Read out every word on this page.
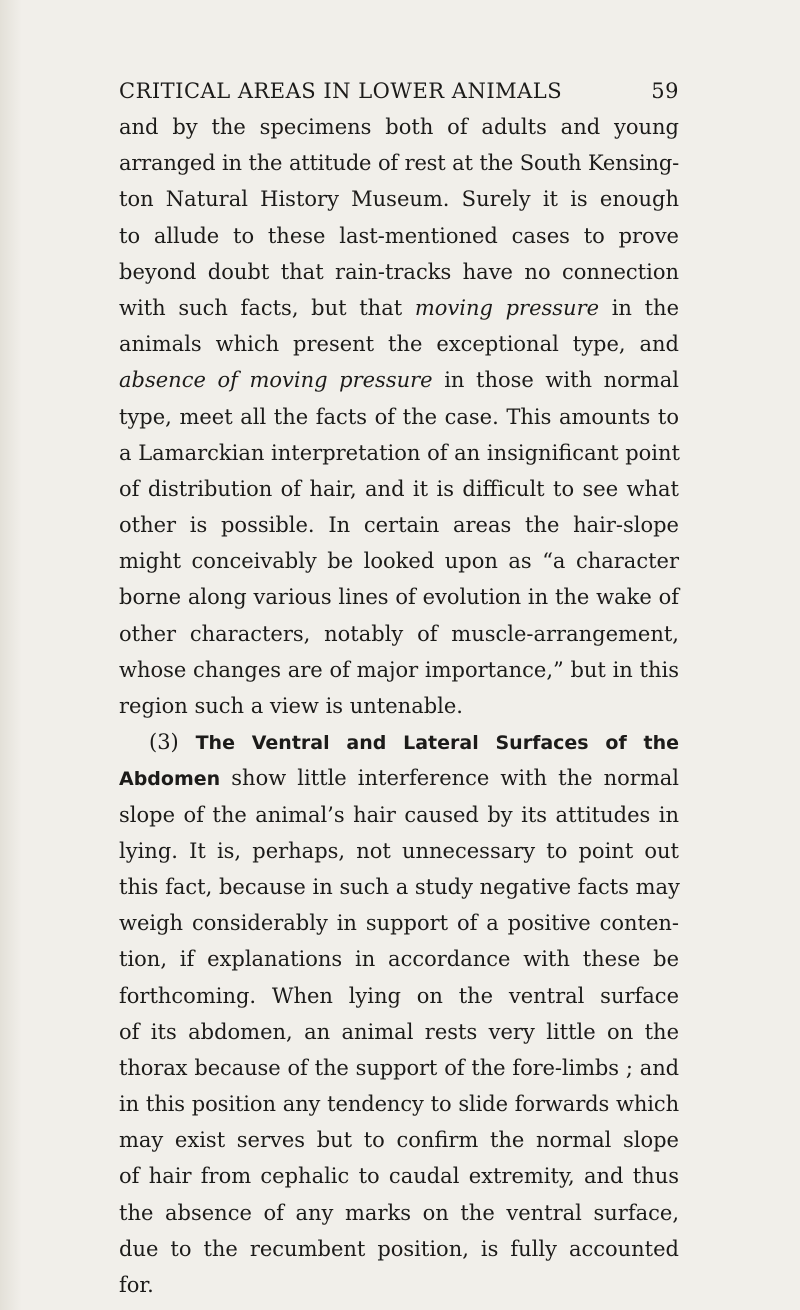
CRITICAL AREAS IN LOWER ANIMALS	59
and by the specimens both of adults and young
arranged in the attitude of rest at the South Kensing-
ton Natural History Museum. Surely it is enough
to allude to these last-mentioned cases to prove
beyond doubt that rain-tracks have no connection
with such facts, but that moving pressure in the
animals which present the exceptional type, and
absence of moving pressure in those with normal
type, meet all the facts of the case. This amounts to
a Lamarckian interpretation of an insignificant point
of distribution of hair, and it is difficult to see what
other is possible. In certain areas the hair-slope
might conceivably be looked upon as “a character
borne along various lines of evolution in the wake of
other characters, notably of muscle-arrangement,
whose changes are of major importance,” but in this
region such a view is untenable.
(3) The Ventral and Lateral Surfaces of the
Abdomen show little interference with the normal
slope of the animal’s hair caused by its attitudes in
lying. It is, perhaps, not unnecessary to point out
this fact, because in such a study negative facts may
weigh considerably in support of a positive conten-
tion, if explanations in accordance with these be
forthcoming. When lying on the ventral surface
of its abdomen, an animal rests very little on the
thorax because of the support of the fore-limbs ; and
in this position any tendency to slide forwards which
may exist serves but to confirm the normal slope
of hair from cephalic to caudal extremity, and thus
the absence of any marks on the ventral surface,
due to the recumbent position, is fully accounted
for.
